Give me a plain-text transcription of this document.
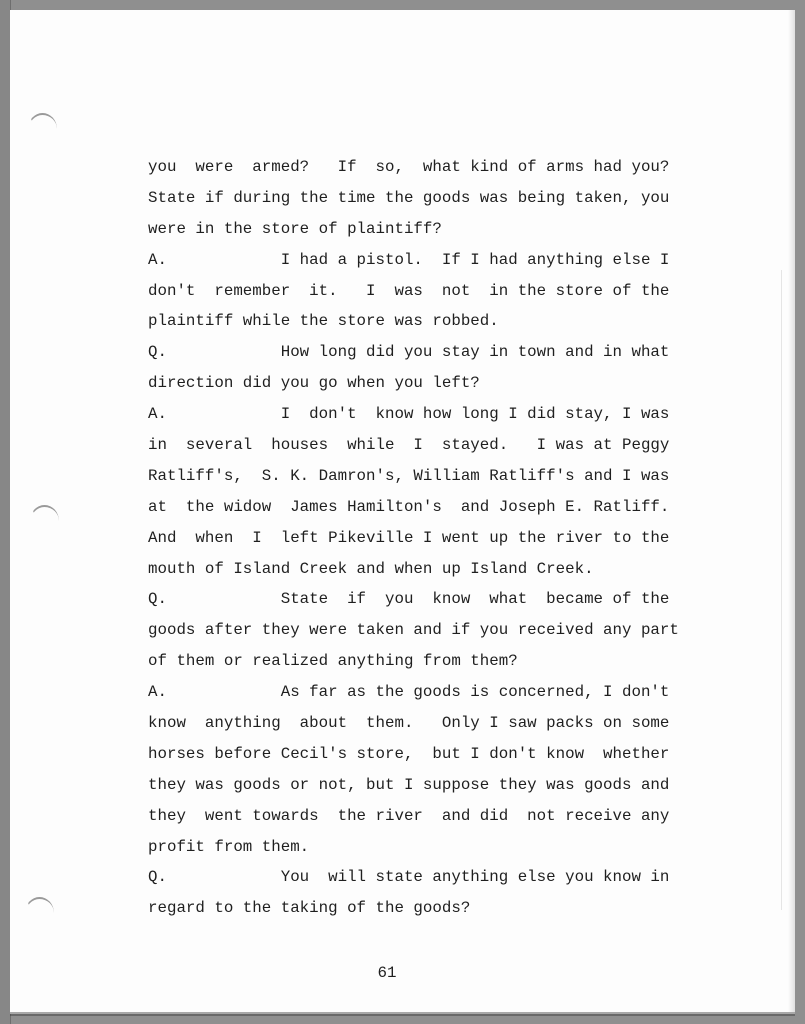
you  were  armed?   If  so,  what kind of arms had you?
State if during the time the goods was being taken, you
were in the store of plaintiff?
A.            I had a pistol.  If I had anything else I
don't  remember  it.   I  was  not  in the store of the
plaintiff while the store was robbed.
Q.            How long did you stay in town and in what
direction did you go when you left?
A.            I  don't  know how long I did stay, I was
in  several  houses  while  I  stayed.   I was at Peggy
Ratliff's,  S. K. Damron's, William Ratliff's and I was
at  the widow  James Hamilton's  and Joseph E. Ratliff.
And  when  I  left Pikeville I went up the river to the
mouth of Island Creek and when up Island Creek.
Q.            State  if  you  know  what  became of the
goods after they were taken and if you received any part
of them or realized anything from them?
A.            As far as the goods is concerned, I don't
know  anything  about  them.   Only I saw packs on some
horses before Cecil's store,  but I don't know  whether
they was goods or not, but I suppose they was goods and
they  went towards  the river  and did  not receive any
profit from them.
Q.            You  will state anything else you know in
regard to the taking of the goods?
61
